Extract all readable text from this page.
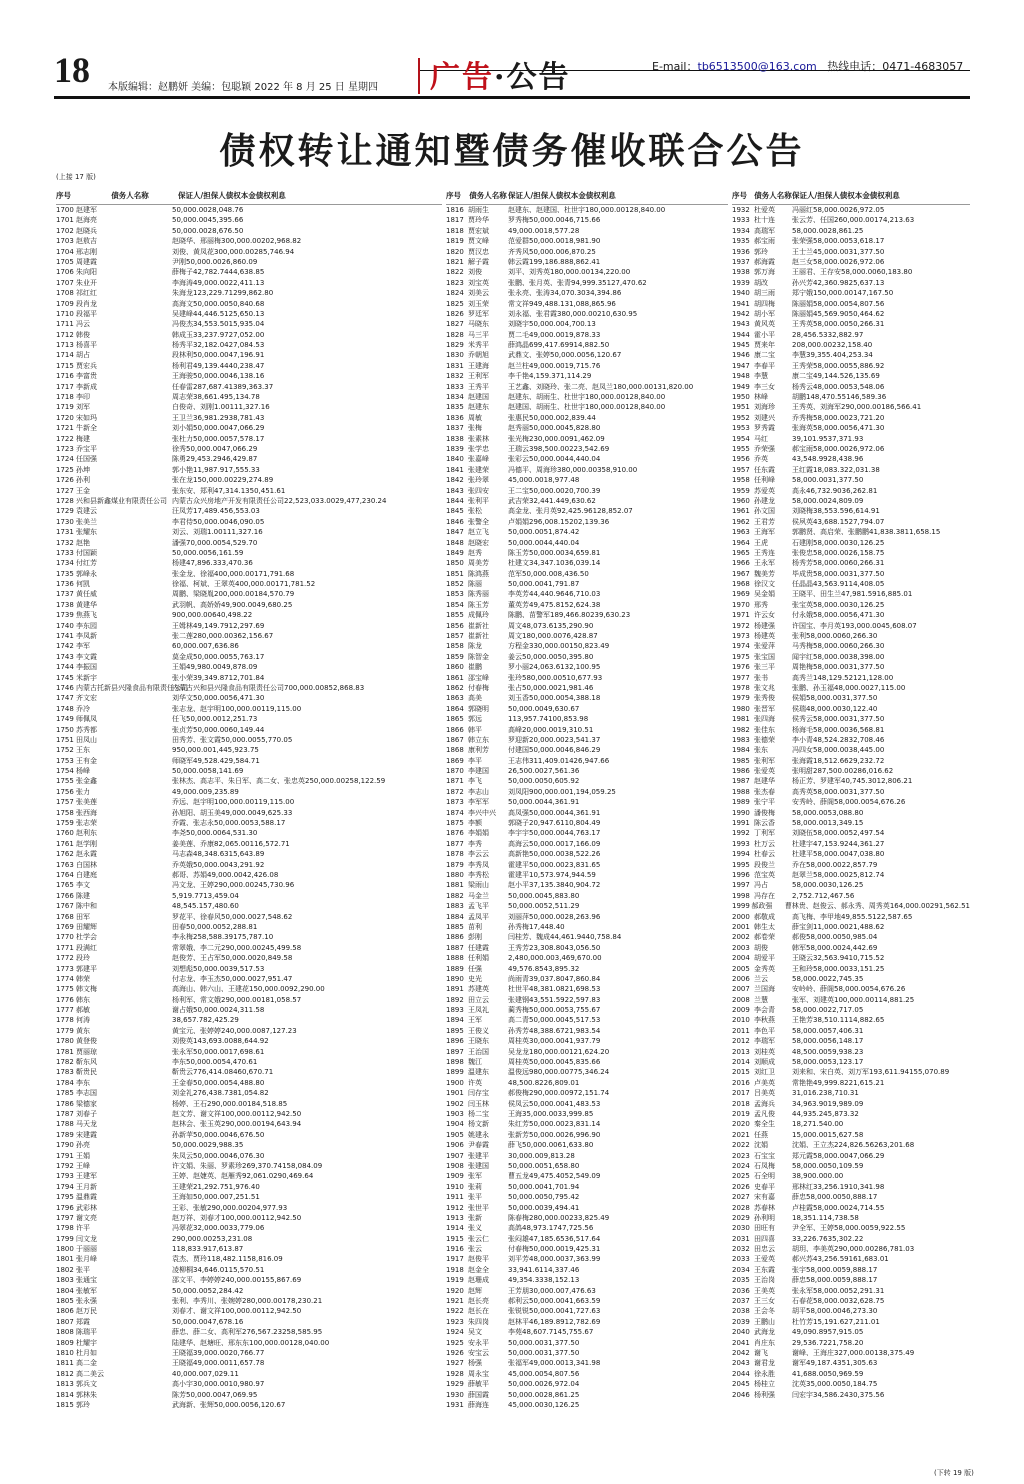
18 本版编辑：赵鹏妍 美编：包聪颖 2022 年 8 月 25 日 星期四 广告·公告	E-mail：tb6513500@163.com 热线电话：0471-4683057
债权转让通知暨债务催收联合公告
(上接 17 版)
(下转 19 版)
序号	债务人名称	保证人/担保人 债权本金 债权利息
1700 赵建军	50,000.00 28,048.76
1701 赵海亮	50,000.00 45,395.66
1702 赵晓兵	50,000.00 28,676.50
1703 赵敖吉	赵晓华、邢丽梅 300,000.00 202,968.82
1704 邢志刚	刘俊、黄凤花 300,000.00 285,746.94
1705 周建霞	尹刚 50,000.00 26,860.09
1706 朱向阳	薛梅子 42,782.74 44,638.85
1707 朱业开	李海涛 49,000.00 22,411.13
1708 祁红红	朱海龙 123,229.71 299,862.80
1709 段肖龙	高海文 50,000.00 50,840.68
1710 段福平	吴建峰 44,446.51 25,650.13
1711 冯云	冯俊杰 34,553.50 15,935.04
1712 韩俊	韩成玉 33,237.97 27,052.00
1713 杨喜平	杨秀平 32,182.04 27,084.53
1714 胡占	段林利 50,000.00 47,196.91
1715 贾宏兵	杨利君 49,139.44 40,238.47
1716 李富贵	王海骏 50,000.00 46,138.16
1717 李新成	任春雷 287,687.41 389,363.37
1718 李印	周志荣 38,661.49 5,134.78
1719 刘军	白俊奇、刘刚 1.00 111,327.16
1720 宋如玛	王卫兰 36,981.29 38,781.43
1721 牛新全	刘小娟 50,000.00 47,066.29
1722 梅建	张杜力 50,000.00 57,578.17
1723 乔宝平	徐秀 50,000.00 47,066.29
1724 任国强	陈勇 29,453.29 46,429.87
1725 孙坤	郭小艳 11,987.91 7,555.33
1726 孙利	张在龙 150,000.00 229,274.89
1727 王金	张东安、郑利 47,314.13 50,451.61
1728 兴和县新鑫煤业有限责任公司 内蒙古众兴房地产开发有限责任公司 22,523,033.00 29,477,230.24
1729 袁建云	汪凤芳 17,489.45 6,553.03
1730 张美兰	李君侍 50,000.00 46,090.05
1731 张耀东	刘云、刘瑞 1.00 111,327.16
1732 赵艳	潘强 70,000.00 54,529.70
1733 付国颖	50,000.00 56,161.59
1734 付红芳	杨建 47,896.33 3,470.36
1735 郭峰永	张金龙、徐福 400,000.00 171,791.68
1736 何凯	徐福、柯斌、王翠英 400,000.00 171,781.52
1737 黄任威	周鹏、梁晓胤 200,000.00 184,570.79
1738 黄建华	武羽帆、高娇娇 49,900.00 49,680.25
1739 焦燕飞	900,000.00 640,498.22
1740 李东园	王姆林 49,149.79 12,297.69
1741 李凤新	张二莲 280,000.00 362,156.67
1742 李军	60,000.00 7,636.86
1743 李文霞	莫金成 50,000.00 55,763.17
1744 李振国	王娟 49,980.00 49,878.09
1745 米新宇	张小荣 39,349.87 12,701.84
1746 内蒙古托新县兴隆食品有限责任公司
内蒙古兴和县兴隆食品有限责任公司 700,000.00 852,868.83
1747 齐文宏	刘华文 50,000.00 56,471.30
1748 乔冷	张志龙、赵宇明 100,000.00 119,115.00
1749 师佩凤	任飞 50,000.00 12,251.73
1750 苏秀都	张贞芳 50,000.00 60,149.44
1751 田凤山	田秀芳、张文霞 50,000.00 55,770.05
1752 王东	950,000.00 1,445,923.75
1753 王有金	师晓军 49,528.42 9,584.71
1754 杨峰	50,000.00 58,141.69
1755 张金鑫	张林杰、高志平、朱日军、高二女、张忠英 250,000.00 258,122.59
1756 张力	49,000.00 9,235.89
1757 张美莲	乔远、赵宇明 100,000.00 119,115.00
1758 张西海	孙旭阳、胡玉美 49,000.00 49,625.33
1759 张志荣	乔霞、张志永 50,000.00 53,588.17
1760 赵利东	李尧 50,000.00 64,531.30
1761 赵学刚	姜美莲、乔康 82,065.00 116,572.71
1762 赵永霞	马志森 48,348.63 15,643.89
1763 白国林	乔英娥 50,000.00 43,291.92
1764 白建庭	郝哥、苏娟 49,000.00 42,426.08
1765 李文	冯文龙、王婷 290,000.00 245,730.96
1766 陈建	5,919.77 13,459.04
1767 陈中和	48,545.15 7,480.60
1768 田军	罗花平、徐春风 50,000.00 27,548.62
1769 田耀辉	田春 50,000.00 52,288.81
1770 杜学会	李永梅 258,588.39 175,787.10
1771 段满红	常翠娥、李二元 290,000.00 245,499.58
1772 段玲	赵俊芳、王占军 50,000.00 20,849.58
1773 郭建平	刘想彪 50,000.00 39,517.53
1774 韩荣	付志龙、李玉杰 50,000.00 27,951.47
1775 韩文梅	高海山、韩六山、王建花 150,000.00 92,290.00
1776 韩东	杨利军、常文娥 290,000.00 181,058.57
1777 郝敏	谢占娥 50,000.00 24,311.58
1778 何涛	38,657.78 2,425.29
1779 黄东	黄宝元、张婷婷 240,000.00 87,127.23
1780 黄登俊	刘俊英 143,693.00 88,644.92
1781 贾丽琼	张永军 50,000.00 17,698.61
1782 靳东风	李东 50,000.00 54,470.61
1783 靳贵民	靳贵云 776,414.08 460,670.71
1784 李东	王金春 50,000.00 54,488.80
1785 李志国	刘金礼 276,438.73 81,054.82
1786 梁德家	杨婷、王石 290,000.00 184,518.85
1787 刘春子	赵文芳、谢文祥 100,000.00 112,942.50
1788 马天龙	赵林会、张玉英 290,000.00 194,643.94
1789 宋建霞	孙新苹 50,000.00 46,676.50
1790 孙亮	50,000.00 29,988.35
1791 王娟	朱凤云 50,000.00 46,076.30
1792 王峰	许文娟、朱丽、罗素珍 269,370.74 158,084.09
1793 王建军	王婷、赵婕英、赵雁秀 92,061.02 90,469.64
1794 王月新	王建荣 21,292.75 1,976.40
1795 温鼎霞	王海如 50,000.00 7,251.51
1796 武彩林	王彩、张敏 290,000.00 204,977.93
1797 谢文亮	赵万祥、刘春才 100,000.00 112,942.50
1798 许平	冯翠花 32,000.00 33,779.06
1799 闫文龙	290,000.00 253,231.08
1800 于丽丽	118,833.91 7,613.87
1801 张月峰	袁杰、贾玲 118,482.11 58,816.09
1802 张平	凌柳桐 34,646.01 15,570.51
1803 张通宝	邵文平、李婷婷 240,000.00 155,867.69
1804 张敏军	50,000.00 52,284.42
1805 张永强	张利、李秀川、张婉婷 280,000.00 178,230.21
1806 赵万民	刘春才、谢文祥 100,000.00 112,942.50
1807 郑霞	50,000.00 47,678.16
1808 陈瑞平	薛忠、薛二女、高利军 276,567.23 258,585.95
1809 杜耀宇	陆建华、赵塘旺、邢东东 100,000.00 128,040.00
1810 杜月如	王晓福 39,000.00 20,766.77
1811 高二金	王晓福 49,000.00 11,657.78
1812 高二美云	40,000.00 7,029.11
1813 郭兵文	高小宇 30,000.00 10,980.97
1814 郭林朱	陈芳 50,000.00 47,069.95
1815 郭玲	武海新、张辉 50,000.00 56,120.67
序号	债务人名称 保证人/担保人 债权本金 债权利息
1816 胡雨生	赵建东、赵建国、杜世宇 180,000.00 128,840.00
1817 贾玲华	罗秀梅 50,000.00 46,715.66
1818 贾宏斌	49,000.00 18,577.28
1819 贾文峰	范爱群 50,000.00 18,981.90
1820 贾汉忠	齐秀风 50,000.00 6,870.25
1821 解子霞	韩云霞 199,186.88 8,862.41
1822 刘俊	刘平、刘秀英 180,000.00 134,220.00
1823 刘宝英	张鹏、张月英、张青 94,999.35 127,470.62
1824 刘美云	张永亮、张涛 34,070.30 34,394.86
1825 刘玉荣	常文祥 949,488.13 1,088,865.96
1826 罗廷军	刘永福、张君霞 380,000.00 210,630.95
1827 马晓东	刘晓宇 50,000.00 4,700.13
1828 马三平	贾二毛 49,000.00 19,878.33
1829 米秀平	薛鸿晶 699,417.69 914,882.50
1830 乔朝旭	武鼎文、张婷 50,000.00 56,120.67
1831 王建海	赵兰柱 49,000.00 19,715.76
1832 王利军	李千艳 4,159.37 1,114.29
1833 王秀平	王艺鑫、刘晓玲、张二亮、赵凤兰 180,000.00 131,820.00
1834 赵建国	赵建东、胡雨生、杜世宇 180,000.00 128,840.00
1835 赵建东	赵建国、胡雨生、杜世宇 180,000.00 128,840.00
1836 周敏	张惠民 50,000.00 2,839.44
1837 张梅	赵秀丽 50,000.00 45,828.80
1838 张素林	张光梅 230,000.00 91,462.09
1839 张学忠	王瑞云 398,500.00 223,542.69
1840 张嘉峰	张彩云 50,000.00 44,440.04
1841 张建荣	冯德平、周海珍 380,000.00 358,910.00
1842 张玲翠	45,000.00 18,977.48
1843 张四安	王二宝 50,000.00 20,700.39
1844 张利平	武吉荣 32,441.44 9,630.62
1845 张松	高金龙、张月英 92,425.96 128,852.07
1846 张警全	卢娟娟 296,008.15 202,139.36
1847 赵立飞	50,000.00 51,874.42
1848 赵晓宏	50,000.00 44,440.04
1849 赵秀	陈玉芳 50,000.00 34,659.81
1850 周美芳	杜建文 34,347.10 36,039.14
1851 陈鸿燕	范军 50,000.00 8,436.50
1852 陈丽	50,000.00 41,791.87
1853 陈秀丽	李英芳 44,440.96 46,710.03
1854 陈玉芳	董英芳 49,475.81 52,624.38
1855 成佩玲	陈鹏、苗警军 189,466.80 239,630.23
1856 崔新社	周文 48,073.61 35,290.90
1857 崔新社	周文 180,000.00 76,428.87
1858 陈龙	方程金 330,000.00 150,823.49
1859 陈智金	姜云 50,000.00 50,395.80
1860 崔鹏	罗小丽 24,063.61 32,100.95
1861 邵宝峰	张玲 580,000.00 510,677.93
1862 付春梅	张占 50,000.00 21,981.46
1863 高美	刘玉香 50,000.00 54,388.18
1864 郭晓明	50,000.00 49,630.67
1865 郭远	113,957.74 100,853.98
1866 韩平	高峰 20,000.00 19,310.51
1867 韩立东	罗迎新 20,000.00 23,541.37
1868 康利芳	付建国 50,000.00 46,846.29
1869 李平	王志伟 311,409.01 426,947.66
1870 李建国	26,500.00 27,561.36
1871 李飞	50,000.00 50,605.92
1872 李志山	刘凤阳 900,000.00 1,194,059.25
1873 李军军	50,000.00 44,361.91
1874 李兴中兴	高凤强 50,000.00 44,361.91
1875 李额	郭晓子 20,947.61 10,804.49
1876 李娟娟	李宇宇 50,000.00 44,763.17
1877 李秀	高海云 50,000.00 17,166.09
1878 李云云	高新艳 50,000.00 38,522.26
1879 李秀凤	霍建平 50,000.00 23,831.65
1880 李秀松	霍建平 10,573.97 4,944.59
1881 梁雨山	赵小平 37,135.38 40,904.72
1882 马金兰	50,000.00 45,883.80
1883 孟飞平	50,000.00 52,511.29
1884 孟凤平	刘丽萍 50,000.00 28,263.96
1885 苗利	孙秀梅 17,448.40
1886 彭刚	闫桂芳、魏成 44,461.94 40,758.84
1887 任建霞	王秀芳 23,308.80 43,056.50
1888 任利娟	2,480,000.00 3,469,670.00
1889 任强	49,576.85 43,895.32
1890 史光	尚雨青 39,037.80 47,860.84
1891 苏建英	杜世平 48,381.08 21,698.53
1892 田立云	张建钢 43,551.59 22,597.83
1893 王凤礼	蔺秀梅 50,000.00 53,755.67
1894 王军	高二青 50,000.00 45,517.53
1895 王俊义	孙秀芳 48,388.67 21,983.54
1896 王晓东	周桂英 30,000.00 41,937.79
1897 王治国	吴龙龙 180,000.00 121,624.20
1898 魏江	周桂英 50,000.00 45,835.66
1899 温建东	温俊远 980,000.00 775,346.24
1900 许英	48,500.82 26,809.01
1901 闫存宝	郝俊梅 290,000.00 972,151.74
1902 闫玉林	侯凤云 50,000.00 41,483.53
1903 杨二宝	王海 35,000.00 33,999.85
1904 杨文新	朱红芳 50,000.00 23,831.14
1905 姚建永	张新芳 50,000.00 26,996.90
1906 尹春霞	薛飞 50,000.00 61,633.80
1907 张建平	30,000.00 9,813.28
1908 张建国	50,000.00 51,658.80
1909 张军	曹五龙 49,475.40 52,549.09
1910 张莉	50,000.00 41,701.94
1911 张平	50,000.00 50,795.42
1912 张世平	50,000.00 39,494.41
1913 张新	陈春梅 280,000.00 233,825.49
1914 张义	高鸽 48,973.17 47,725.56
1915 张云仁	张闷雄 47,185.65 36,517.64
1916 张云	付春梅 50,000.00 19,425.31
1917 赵俊平	刘平芳 48,000.00 37,363.99
1918 赵金全	33,941.61 14,337.46
1919 赵珊成	49,354.33 38,152.13
1920 赵辉	王芳朋 30,000.00 7,476.63
1921 赵长亮	郝利云 50,000.00 41,663.59
1922 赵长在	张锐锐 50,000.00 41,727.63
1923 朱四岗	赵林平 46,189.89 12,782.69
1924 吴文	李苑 48,607.71 45,755.67
1925 安永平	50,000.00 31,377.50
1926 安宝云	50,000.00 31,377.50
1927 杨强	张福军 49,000.00 13,341.98
1928 周永宝	45,000.00 54,807.56
1929 薛敏平	50,000.00 26,972.04
1930 薛国霞	50,000.00 28,861.25
1931 薛海连	45,000.00 30,126.25
序号 债务人名称 保证人/担保人 债权本金 债权利息
1932 杜爱英	冯丽红 58,000.00 26,972.05
1933 杜十连	张云芳、任国 260,000.00 174,213.63
1934 高瑞军	58,000.00 28,861.25
1935 郝宝雨	张荣强 58,000.00 53,618.17
1936 郭玲	王士兰 45,000.00 31,377.50
1937 郝海霞	赵三女 58,000.00 26,972.06
1938 郭万海	王丽君、王存安 58,000.00 60,183.80
1939 胡改	孙兴芳 42,360.98 25,637.13
1940 胡三雨	郑宁娥 150,000.00 147,167.50
1941 胡四梅	陈丽娟 58,000.00 54,807.56
1942 胡小军	陈丽娟 45,569.90 50,464.62
1943 黄风英	王秀英 58,000.00 50,266.31
1944 霍小平	28,456.53 32,882.97
1945 贾来年	208,000.00 232,158.40
1946 康二宝	李慧 39,355.40 4,253.34
1947 李春平	王秀荣 58,000.00 55,886.92
1948 李慧	康二宝 49,144.52 6,135.69
1949 李三女	杨秀云 48,000.00 53,548.06
1950 林峰	胡鹏 148,470.55 146,589.36
1951 刘海珍	王秀英、刘海军 290,000.00 186,566.41
1952 刘建兴	乔秀梅 58,000.00 23,721.20
1953 罗秀霞	张海英 58,000.00 56,471.30
1954 马红	39,101.95 37,371.93
1955 乔荣强	郝宝雨 58,000.00 26,972.06
1956 乔英	43,548.99 28,438.96
1957 任东霞	王红霞 18,083.32 2,031.38
1958 任利峰	58,000.00 31,377.50
1959 苏爱英	高永 46,732.90 36,262.81
1960 孙建龙	58,000.00 24,809.09
1961 孙文国	刘晓梅 38,553.59 6,614.91
1962 王君芳	侯夙英 43,688.15 27,794.07
1963 王海军	郭鹏贤、高启荣、张鹏鹏 41,838.38 11,658.15
1964 王虎	石建刚 58,000.00 30,126.25
1965 王秀连	张俊忠 58,000.00 26,158.75
1966 王永军	杨秀芳 58,000.00 60,266.31
1967 魏美芳	毕成贵 58,000.00 31,377.50
1968 徐汉文	任晶晶 43,563.91 14,408.05
1969 吴金娟	王晓平、田生兰 47,981.59 16,885.01
1970 邢秀	张宝英 58,000.00 30,126.25
1971 许云女	付永娥 58,000.00 56,471.30
1972 杨建强	许国宝、李月英 193,000.00 45,608.07
1973 杨建英	张利 58,000.00 60,266.30
1974 张爱萍	马秀梅 58,000.00 60,266.30
1975 张宝国	闻宇红 58,000.00 38,398.00
1976 张三平	周艳梅 58,000.00 31,377.50
1977 张书	高秀兰 148,129.52 121,128.00
1978 张文兆	张鹏、孙玉福 48,000.00 27,115.00
1979 张秀俊	侯娟 58,000.00 31,377.50
1980 张晋军	侯瑞 48,000.00 30,122.40
1981 张四海	侯秀云 58,000.00 31,377.50
1982 张佳东	杨海毛 58,000.00 36,568.81
1983 张德荣	李小青 48,524.28 32,708.46
1984 张东	冯四女 58,000.00 38,445.00
1985 张利军	张海霞 18,512.66 29,232.72
1986 张爱英	张明甜 287,500.00 286,016.62
1987 赵建华	杨正芳、罗建军 40,745.30 12,806.21
1988 张杰春	高秀英 58,000.00 31,377.50
1989 张宁平	安秀岭、薛阁 58,000.00 54,676.26
1990 潘俊梅	58,000.00 53,088.80
1991 陈云香	58,000.00 13,349.15
1992 丁利军	刘晓伍 58,000.00 52,497.54
1993 杜万云	杜建宇 47,153.92 44,361.27
1994 杜春云	杜建平 58,000.00 47,038.80
1995 段俊兰	乔在 58,000.00 22,857.79
1996 范宝英	赵翠兰 58,000.00 25,812.74
1997 冯占	58,000.00 30,126.25
1998 冯存在	2,752.71 2,467.56
1999 郝政强	曹林贵、赵俊云、郝永秀、周秀英 164,000.00 291,562.51
2000 郝敬成	高飞梅、李甲地 49,855.51 22,587.65
2001 韩生太	薛宝剑 11,000.00 21,488.62
2002 郝卷荣	郝俊 58,000.00 50,985.04
2003 胡俊	韩军 58,000.00 24,442.69
2004 胡爱平	王晓云 32,563.94 10,715.52
2005 金秀英	王和玲 58,000.00 33,151.25
2006 兰云	58,000.00 22,745.35
2007 兰国海	安岭岭、薛阁 58,000.00 54,676.26
2008 兰慧	张军、刘建英 100,000.00 114,881.25
2009 李会青	58,000.00 22,717.05
2010 李秋燕	王艳芳 38,510.11 14,882.65
2011 李色平	58,000.00 57,406.31
2012 李瑞军	58,000.00 56,148.17
2013 刘桂英	48,500.00 59,938.23
2014 刘顺成	58,000.00 53,123.17
2015 刘红卫	刘来和、宋白英、刘万军 193,611.94 155,070.89
2016 卢美英	常艳艳 49,999.82 21,615.21
2017 吕美英	31,016.23 8,710.31
2018 孟海兵	34,963.90 19,989.09
2019 孟凡俊	44,935.24 5,873.32
2020 秦全生	18,271.54 0.00
2021 任燕	15,000.00 15,627.58
2022 沈娟	沈娟、王立杰 224,826.56 263,201.68
2023 石宝宝	郑元霞 58,000.00 47,066.29
2024 石凤梅	58,000.00 50,109.59
2025 石全明	38,900.00 0.00
2026 史春平	邢林红 33,256.19 10,341.98
2027 宋有嘉	薛忠 58,000.00 50,888.17
2028 苏春林	卢桂霞 58,000.00 24,714.55
2029 孙利明	18,351.11 4,738.58
2030 田旺有	尹全军、王婷 58,000.00 59,922.55
2031 田四喜	33,226.76 35,302.22
2032 田忠云	胡玥、李美英 290,000.00 286,781.03
2033 王爱英	郝兴苏 43,256.59 161,683.01
2034 王东霞	张宇 58,000.00 59,888.17
2035 王治岗	薛忠 58,000.00 59,888.17
2036 王美英	张永军 58,000.00 52,291.31
2037 王三女	石春花 58,000.00 32,628.75
2038 王会冬	胡平 58,000.00 46,273.30
2039 王鹏山	杜竹芳 15,191.62 7,211.01
2040 武海龙	49,090.89 57,915.05
2041 肖庄东	29,536.72 21,758.20
2042 谢飞	谢峰、王海庄 327,000.00 138,375.49
2043 谢君龙	谢军 49,187.43 51,305.63
2044 徐永胜	41,688.00 50,969.59
2045 杨桂立	沈英 35,000.00 50,184.75
2046 杨利强	闫宏宇 34,586.24 30,375.56
